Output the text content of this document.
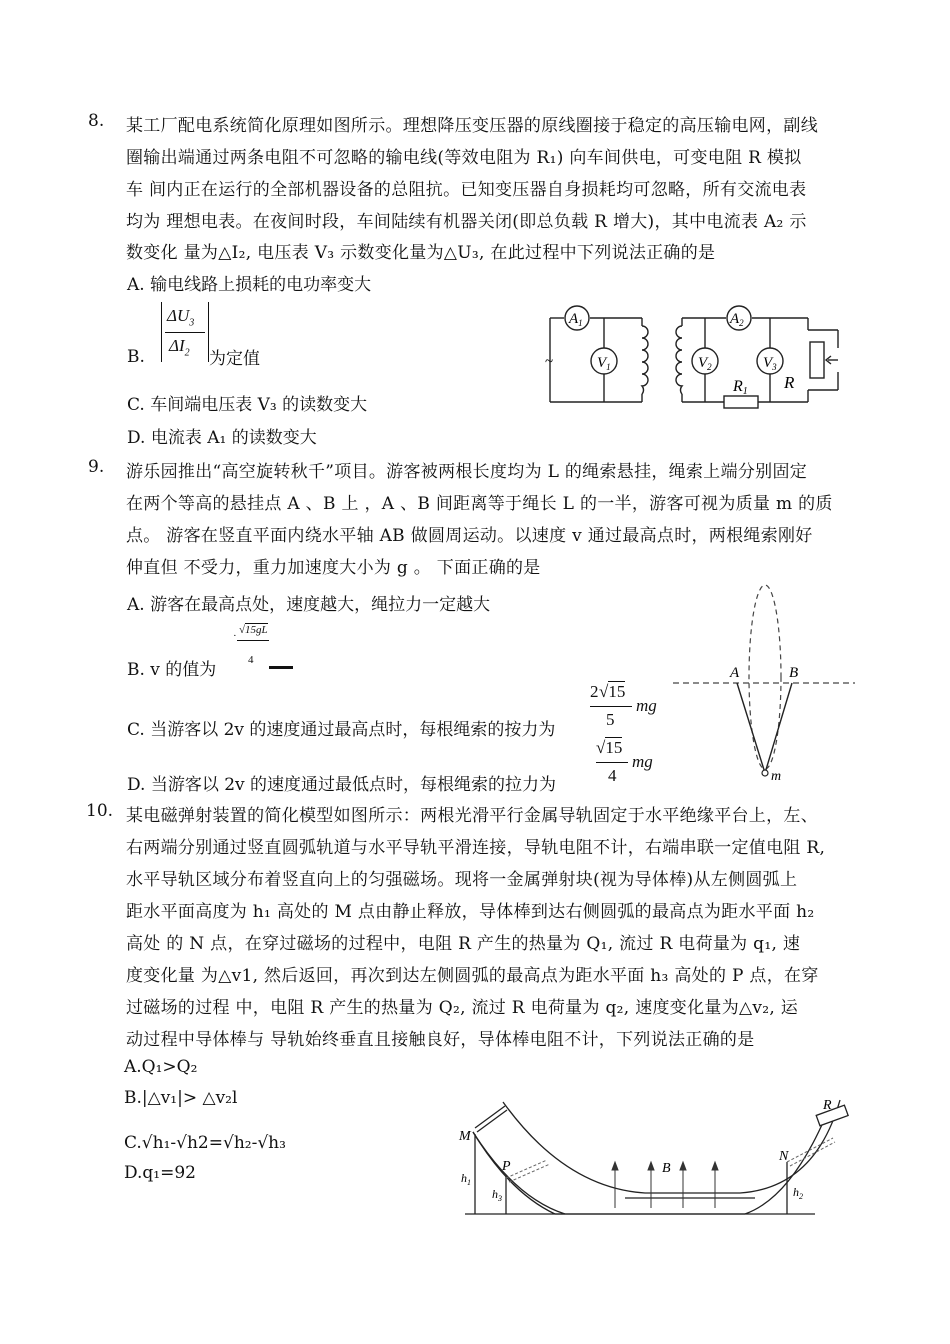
8. 某工厂配电系统简化原理如图所示。理想降压变压器的原线圈接于稳定的高压输电网，副线
圈输出端通过两条电阻不可忽略的输电线(等效电阻为 R₁) 向车间供电，可变电阻 R 模拟
车 间内正在运行的全部机器设备的总阻抗。已知变压器自身损耗均可忽略，所有交流电表
均为 理想电表。在夜间时段，车间陆续有机器关闭(即总负载 R 增大)，其中电流表 A₂ 示
数变化 量为△I₂, 电压表 V₃ 示数变化量为△U₃, 在此过程中下列说法正确的是
A. 输电线路上损耗的电功率变大
B.
$\Delta U_3$
$\Delta I_2$ 为定值
C. 车间端电压表 V₃ 的读数变大
D. 电流表 A₁ 的读数变大
~
$A_1$
$V_1$
$A_2$
$V_2$	$V_3$
R1 R
9. 游乐园推出“高空旋转秋千”项目。游客被两根长度均为 L 的绳索悬挂，绳索上端分别固定
在两个等高的悬挂点 A 、B 上 ，A 、B 间距离等于绳长 L 的一半，游客可视为质量 m 的质
点。 游客在竖直平面内绕水平轴 AB 做圆周运动。以速度 v 通过最高点时，两根绳索刚好
伸直但 不受力，重力加速度大小为 g 。 下面正确的是
A. 游客在最高点处，速度越大，绳拉力一定越大
B. v 的值为
· √15gL
4
C. 当游客以 2v 的速度通过最高点时，每根绳索的按力为
2 √15
5
mg
D. 当游客以 2v 的速度通过最低点时，每根绳索的拉力为
√15
4
mg
A	B
m
10. 某电磁弹射装置的简化模型如图所示：两根光滑平行金属导轨固定于水平绝缘平台上，左、
右两端分别通过竖直圆弧轨道与水平导轨平滑连接，导轨电阻不计，右端串联一定值电阻 R,
水平导轨区域分布着竖直向上的匀强磁场。现将一金属弹射块(视为导体棒)从左侧圆弧上
距水平面高度为 h₁ 高处的 M 点由静止释放，导体棒到达右侧圆弧的最高点为距水平面 h₂
高处 的 N 点，在穿过磁场的过程中，电阻 R 产生的热量为 Q₁, 流过 R 电荷量为 q₁, 速
度变化量 为△v1, 然后返回，再次到达左侧圆弧的最高点为距水平面 h₃ 高处的 P 点，在穿
过磁场的过程 中，电阻 R 产生的热量为 Q₂, 流过 R 电荷量为 q₂, 速度变化量为△v₂, 运
动过程中导体棒与 导轨始终垂直且接触良好，导体棒电阻不计，下列说法正确的是
A.Q₁>Q₂
B.|△v₁|> △v₂l
C.√h₁-√h2=√h₂-√h₃
D.q₁=92
R
M
P	B
N
$h_1$
$h_3$	$h_2$
